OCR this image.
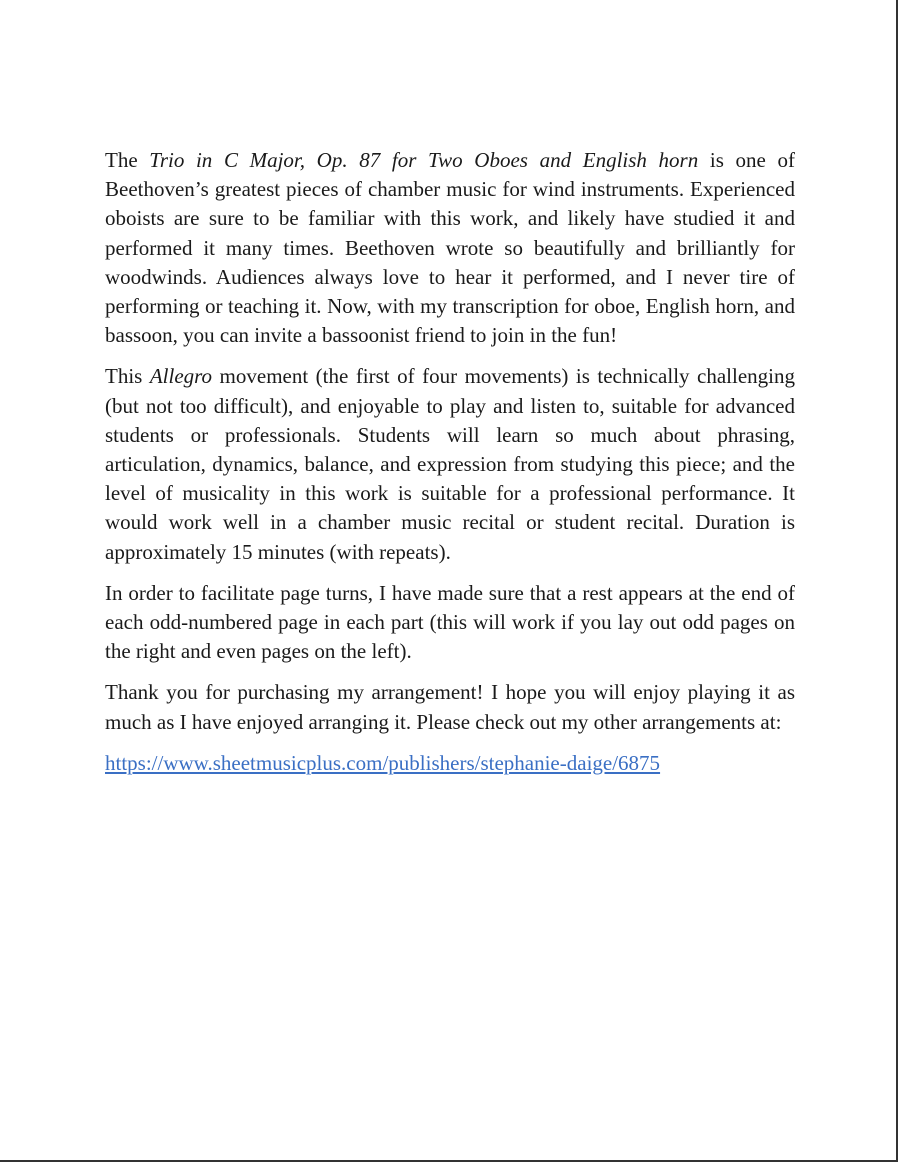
The Trio in C Major, Op. 87 for Two Oboes and English horn is one of Beethoven’s greatest pieces of chamber music for wind instruments. Experienced oboists are sure to be familiar with this work, and likely have studied it and performed it many times. Beethoven wrote so beautifully and brilliantly for woodwinds. Audiences always love to hear it performed, and I never tire of performing or teaching it. Now, with my transcription for oboe, English horn, and bassoon, you can invite a bassoonist friend to join in the fun!

This Allegro movement (the first of four movements) is technically challenging (but not too difficult), and enjoyable to play and listen to, suitable for advanced students or professionals. Students will learn so much about phrasing, articulation, dynamics, balance, and expression from studying this piece; and the level of musicality in this work is suitable for a professional performance. It would work well in a chamber music recital or student recital. Duration is approximately 15 minutes (with repeats).

In order to facilitate page turns, I have made sure that a rest appears at the end of each odd-numbered page in each part (this will work if you lay out odd pages on the right and even pages on the left).

Thank you for purchasing my arrangement! I hope you will enjoy playing it as much as I have enjoyed arranging it. Please check out my other arrangements at:

https://www.sheetmusicplus.com/publishers/stephanie-daige/6875
